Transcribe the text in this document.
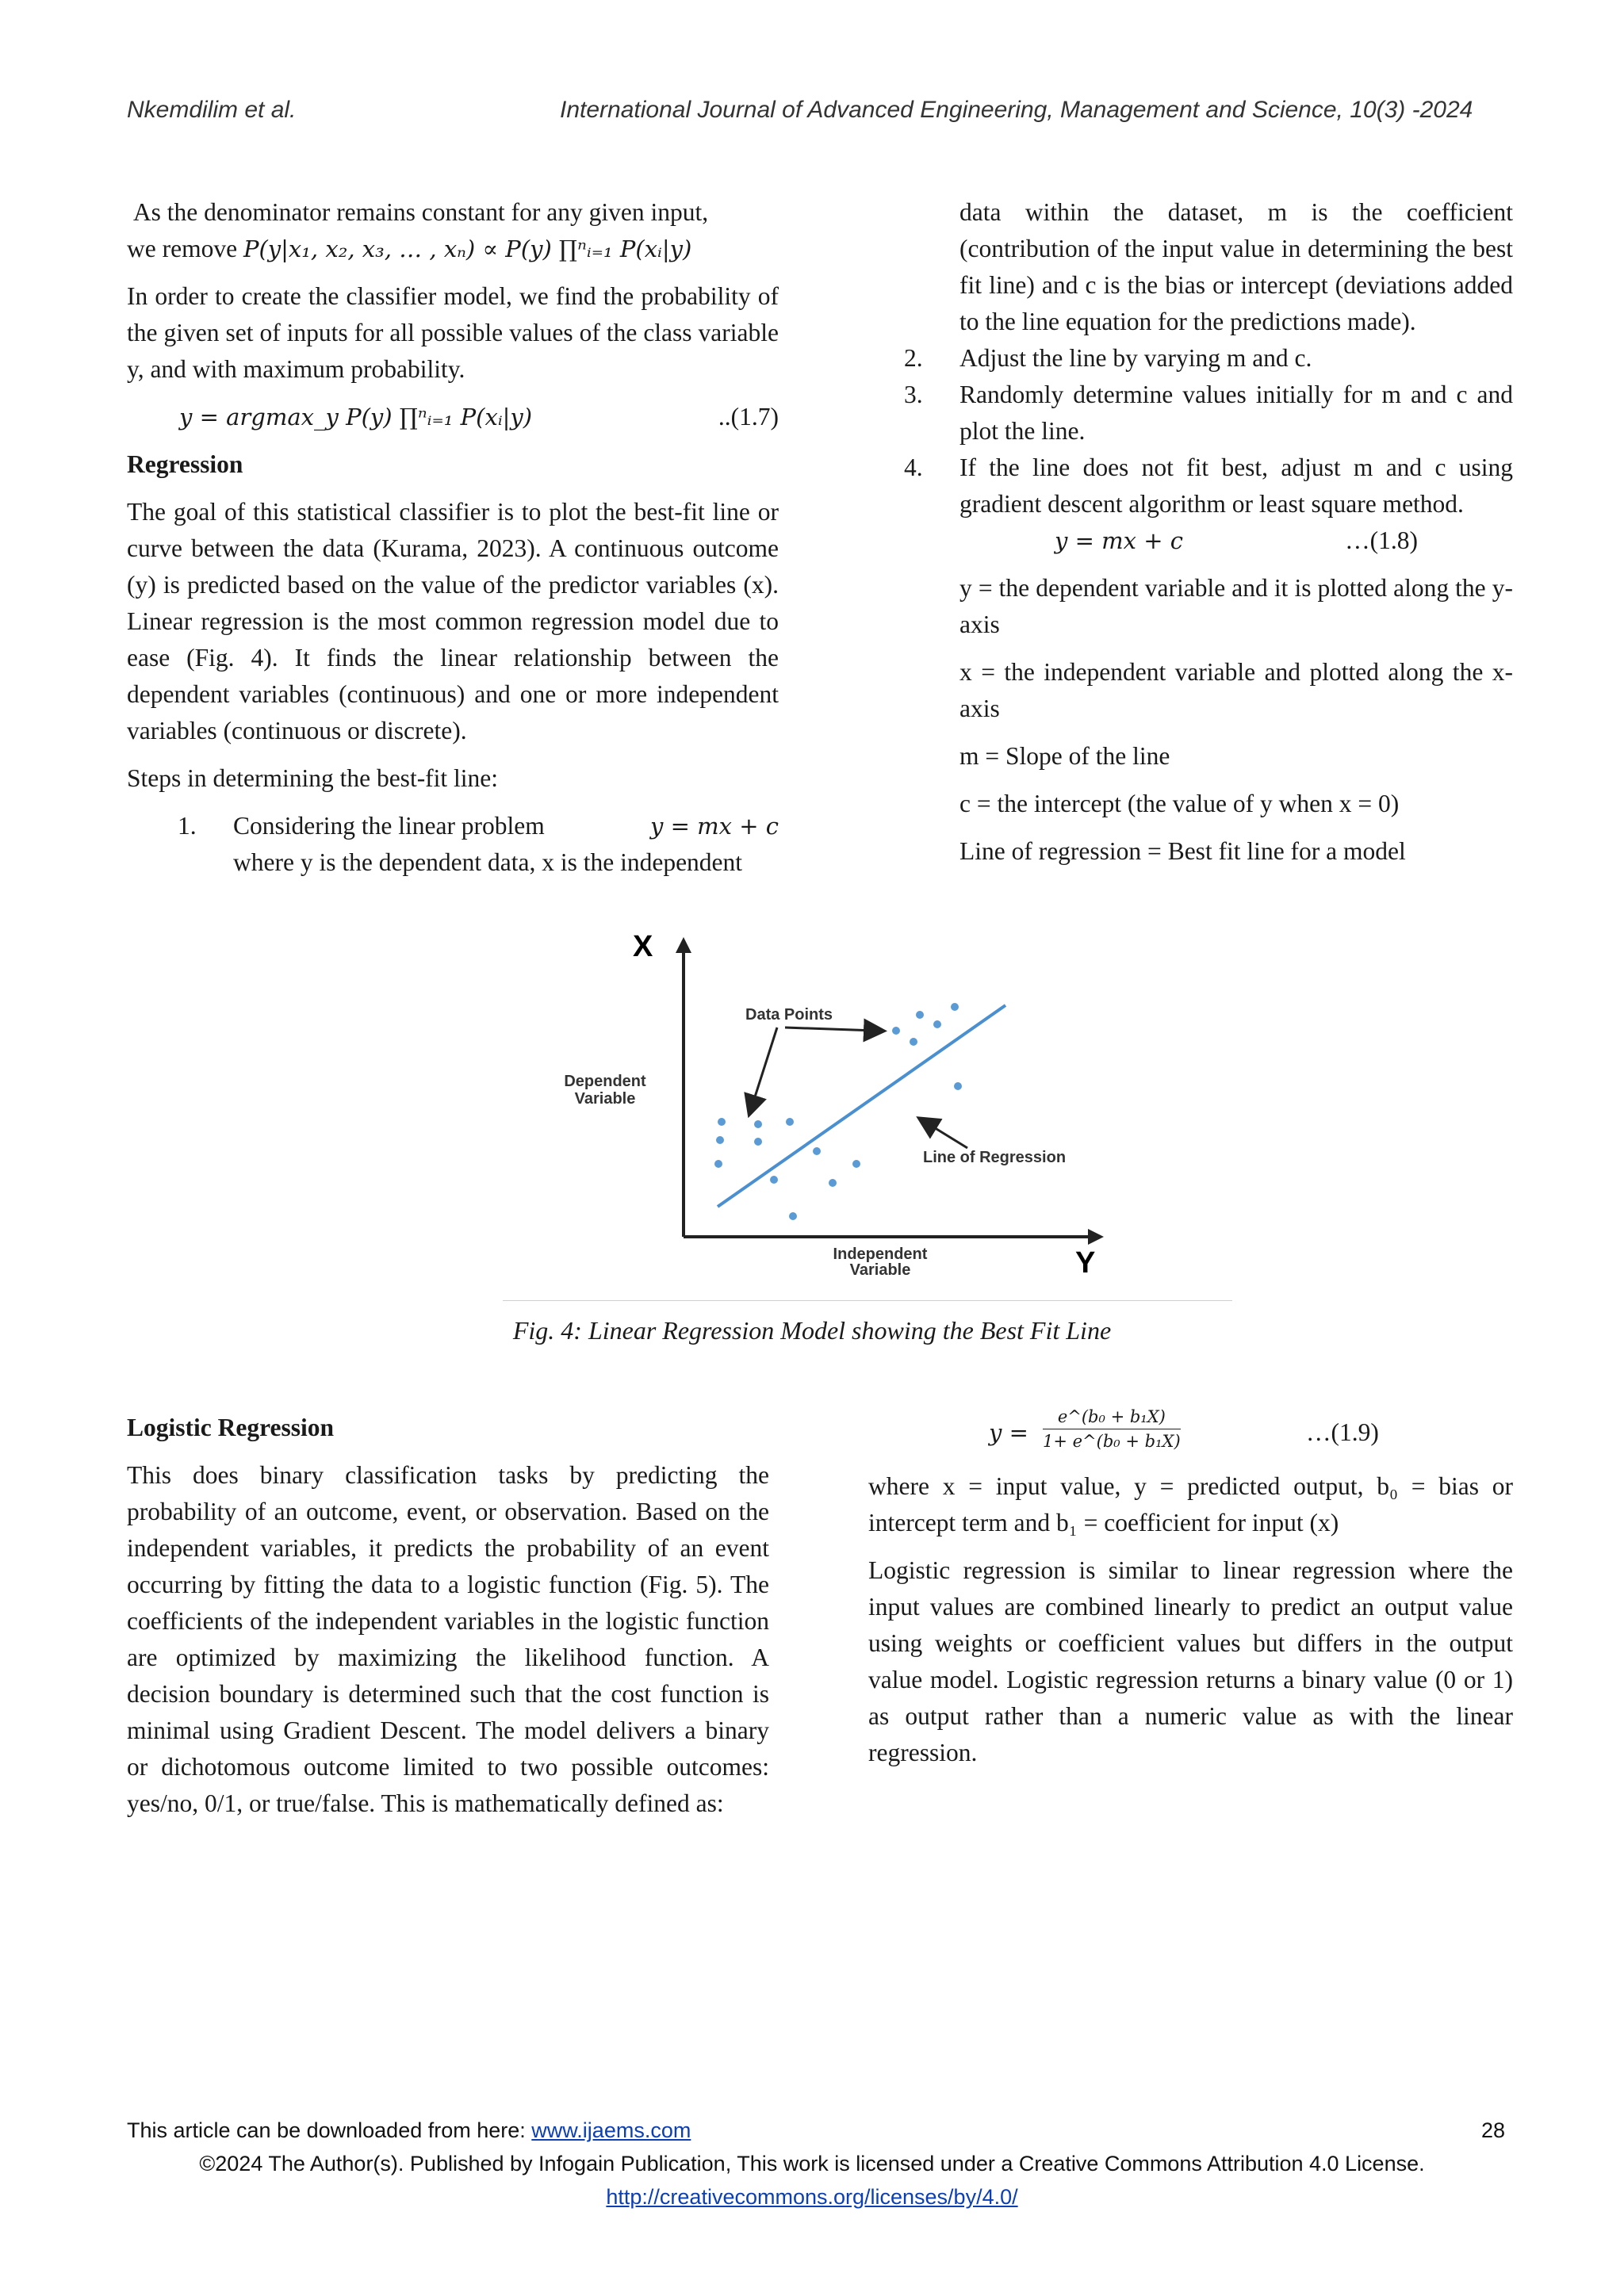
Nkemdilim et al.	International Journal of Advanced Engineering, Management and Science, 10(3) -2024

As the denominator remains constant for any given input,

we remove P(y|x₁, x₂, x₃, … , xₙ) ∝ P(y) ∏ⁿᵢ₌₁ P(xᵢ|y)

In order to create the classifier model, we find the probability of the given set of inputs for all possible values of the class variable y, and with maximum probability.

y = argmax_y P(y) ∏ⁿᵢ₌₁ P(xᵢ|y)	..(1.7)
Regression

The goal of this statistical classifier is to plot the best-fit line or curve between the data (Kurama, 2023). A continuous outcome (y) is predicted based on the value of the predictor variables (x). Linear regression is the most common regression model due to ease (Fig. 4). It finds the linear relationship between the dependent variables (continuous) and one or more independent variables (continuous or discrete).

Steps in determining the best-fit line:

1. Considering the linear problem	y = mx + c
where y is the dependent data, x is the independent

data within the dataset, m is the coefficient (contribution of the input value in determining the best fit line) and c is the bias or intercept (deviations added to the line equation for the predictions made).

2. Adjust the line by varying m and c.
3. Randomly determine values initially for m and c and plot the line.
4. If the line does not fit best, adjust m and c using gradient descent algorithm or least square method.
y = mx + c	…(1.8)

y = the dependent variable and it is plotted along the y-axis

x = the independent variable and plotted along the x-axis

m = Slope of the line

c = the intercept (the value of y when x = 0)

Line of regression = Best fit line for a model

X
Y
Dependent Variable
Independent Variable
Data Points
Line of Regression
Fig. 4: Linear Regression Model showing the Best Fit Line
Logistic Regression

This does binary classification tasks by predicting the probability of an outcome, event, or observation. Based on the independent variables, it predicts the probability of an event occurring by fitting the data to a logistic function (Fig. 5). The coefficients of the independent variables in the logistic function are optimized by maximizing the likelihood function. A decision boundary is determined such that the cost function is minimal using Gradient Descent. The model delivers a binary or dichotomous outcome limited to two possible outcomes: yes/no, 0/1, or true/false. This is mathematically defined as:

$y = \frac{\text{e\textasciicircum{}(b₀ + b₁X)}}{\text{1+ e\textasciicircum{}(b₀ + b₁X)}}$	…(1.9)

where x = input value, y = predicted output, b₀ = bias or intercept term and b₁ = coefficient for input (x)

Logistic regression is similar to linear regression where the input values are combined linearly to predict an output value using weights or coefficient values but differs in the output value model. Logistic regression returns a binary value (0 or 1) as output rather than a numeric value as with the linear regression.

This article can be downloaded from here: www.ijaems.com	28
©2024 The Author(s). Published by Infogain Publication, This work is licensed under a Creative Commons Attribution 4.0 License.
http://creativecommons.org/licenses/by/4.0/
